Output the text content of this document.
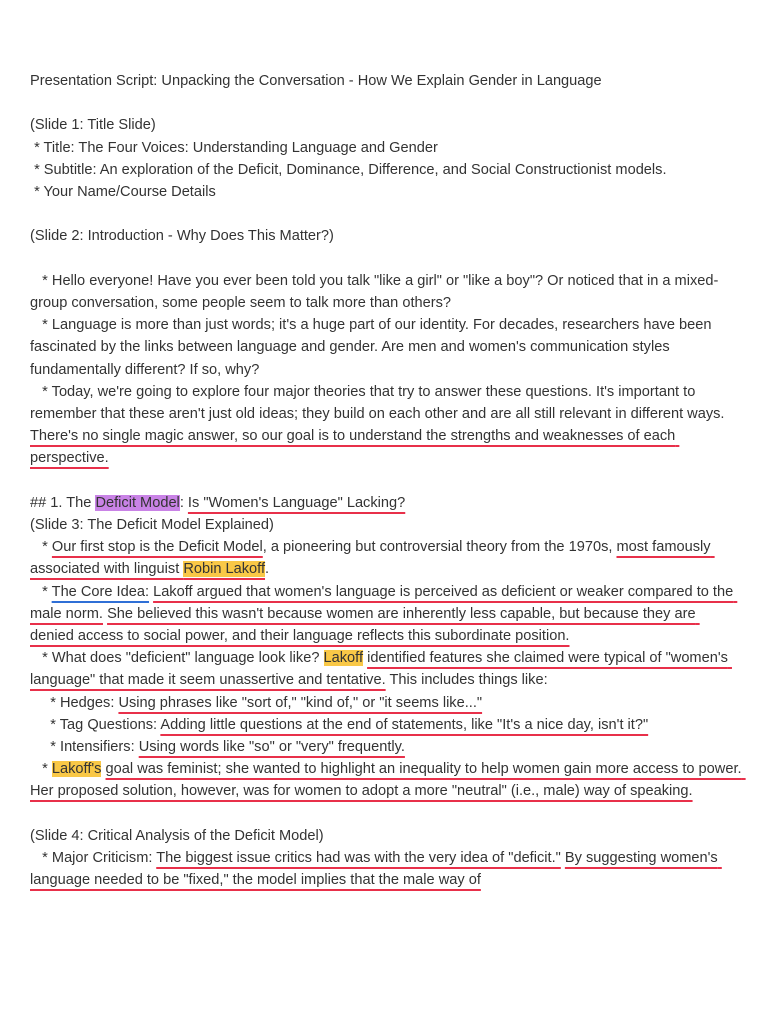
Presentation Script: Unpacking the Conversation - How We Explain Gender in Language

(Slide 1: Title Slide)

* Title: The Four Voices: Understanding Language and Gender

* Subtitle: An exploration of the Deficit, Dominance, Difference, and Social Constructionist models.

* Your Name/Course Details

(Slide 2: Introduction - Why Does This Matter?)

* Hello everyone! Have you ever been told you talk "like a girl" or "like a boy"? Or noticed that in a mixed-group conversation, some people seem to talk more than others?

* Language is more than just words; it's a huge part of our identity. For decades, researchers have been fascinated by the links between language and gender. Are men and women's communication styles fundamentally different? If so, why?

* Today, we're going to explore four major theories that try to answer these questions. It's important to remember that these aren't just old ideas; they build on each other and are all still relevant in different ways. There's no single magic answer, so our goal is to understand the strengths and weaknesses of each perspective.

## 1. The Deficit Model: Is "Women's Language" Lacking?

(Slide 3: The Deficit Model Explained)

* Our first stop is the Deficit Model, a pioneering but controversial theory from the 1970s, most famously associated with linguist Robin Lakoff.

* The Core Idea: Lakoff argued that women's language is perceived as deficient or weaker compared to the male norm. She believed this wasn't because women are inherently less capable, but because they are denied access to social power, and their language reflects this subordinate position.

* What does "deficient" language look like? Lakoff identified features she claimed were typical of "women's language" that made it seem unassertive and tentative. This includes things like:

* Hedges: Using phrases like "sort of," "kind of," or "it seems like..."

* Tag Questions: Adding little questions at the end of statements, like "It's a nice day, isn't it?"

* Intensifiers: Using words like "so" or "very" frequently.

* Lakoff's goal was feminist; she wanted to highlight an inequality to help women gain more access to power. Her proposed solution, however, was for women to adopt a more "neutral" (i.e., male) way of speaking.

(Slide 4: Critical Analysis of the Deficit Model)

* Major Criticism: The biggest issue critics had was with the very idea of "deficit." By suggesting women's language needed to be "fixed," the model implies that the male way of
